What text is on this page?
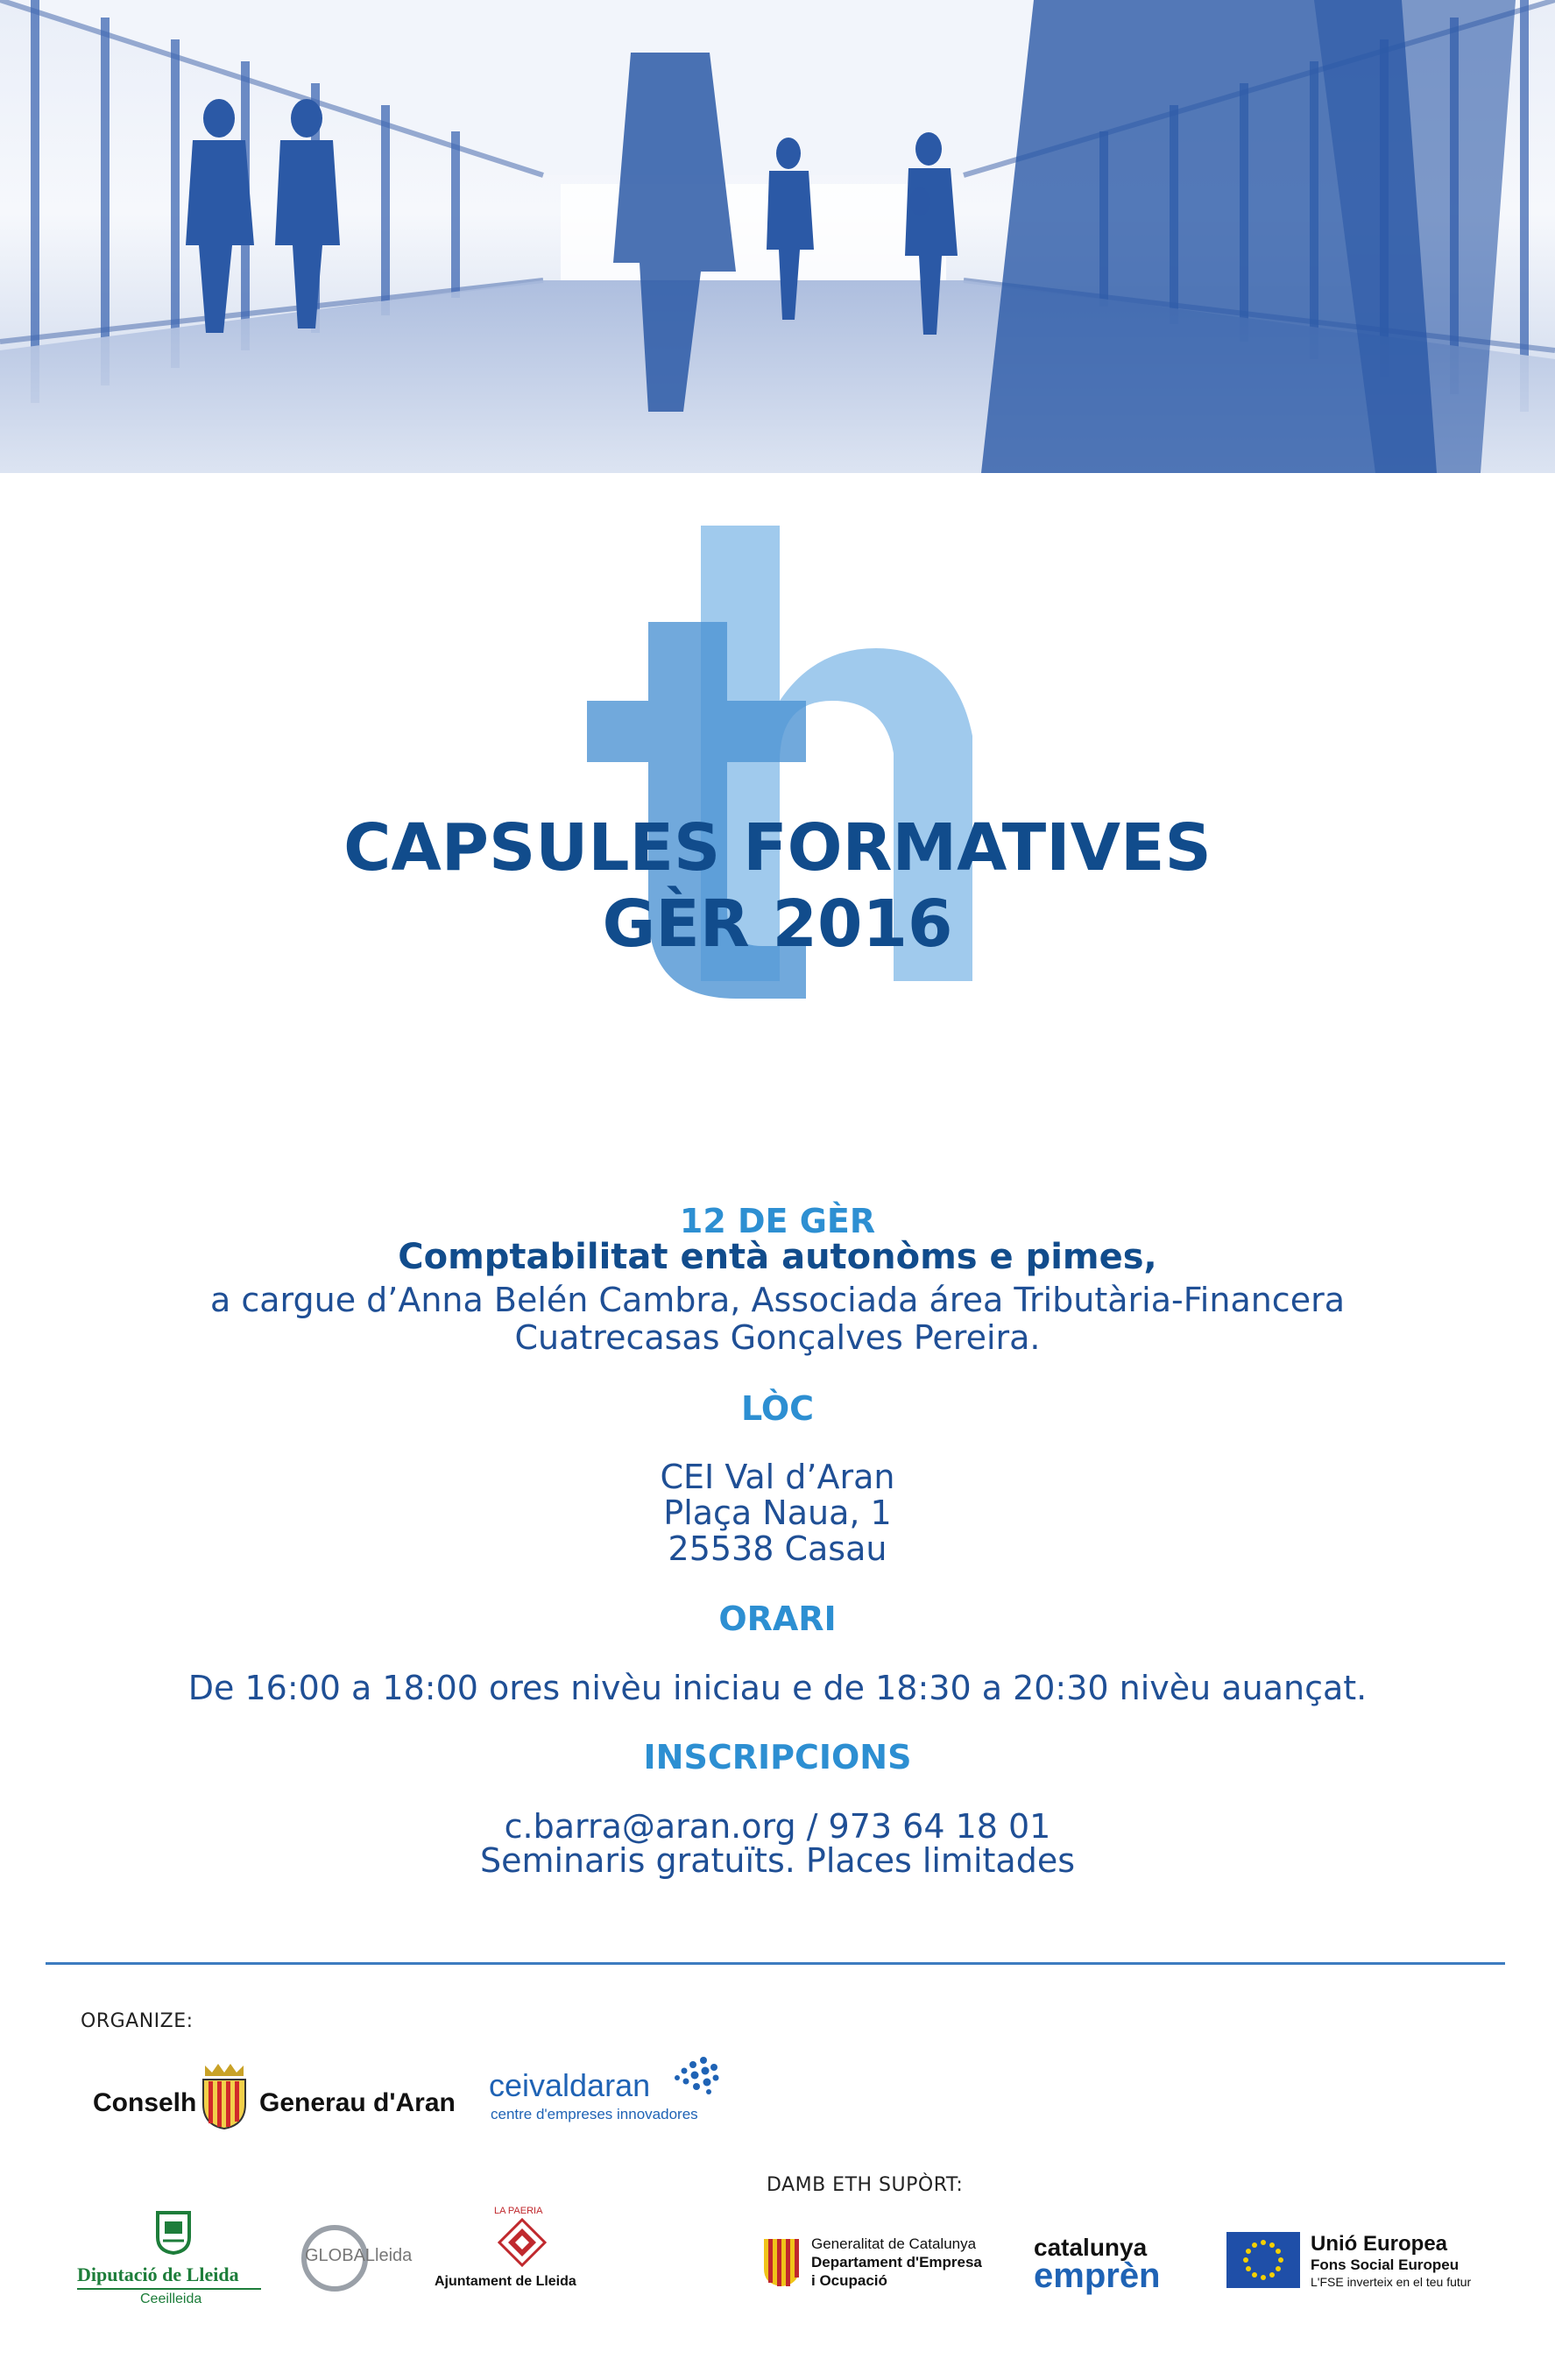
CAPSULES FORMATIVES
GÈR 2016
12 DE GÈR
Comptabilitat entà autonòms e pimes,
a cargue d’Anna Belén Cambra, Associada área Tributària-Financera
Cuatrecasas Gonçalves Pereira.
LÒC
CEI Val d’Aran
Plaça Naua, 1
25538 Casau
ORARI
De 16:00 a 18:00 ores nivèu iniciau e de 18:30 a 20:30 nivèu auançat.
INSCRIPCIONS
c.barra@aran.org / 973 64 18 01
Seminaris gratuïts. Places limitades
ORGANIZE:
DAMB ETH SUPÒRT:
Conselh Generau d'Aran ceivaldaran
centre d'empreses innovadores
Diputació de Lleida
Ceeilleida
GLOBALleida
LA PAERIA
Ajuntament de Lleida
Generalitat de Catalunya
Departament d'Empresa
i Ocupació
catalunya
emprèn
Unió Europea
Fons Social Europeu
L'FSE inverteix en el teu futur
